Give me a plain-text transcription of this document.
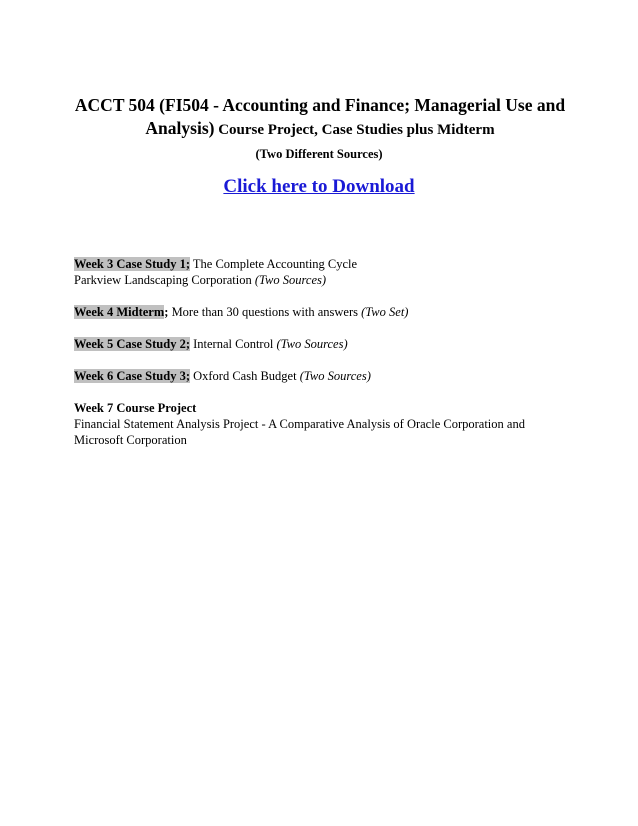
ACCT 504 (FI504 - Accounting and Finance; Managerial Use and
Analysis) Course Project, Case Studies plus Midterm
(Two Different Sources)
Click here to Download
Week 3 Case Study 1; The Complete Accounting Cycle
Parkview Landscaping Corporation (Two Sources)
Week 4 Midterm; More than 30 questions with answers (Two Set)
Week 5 Case Study 2; Internal Control (Two Sources)
Week 6 Case Study 3; Oxford Cash Budget (Two Sources)
Week 7 Course Project
Financial Statement Analysis Project - A Comparative Analysis of Oracle Corporation and
Microsoft Corporation
